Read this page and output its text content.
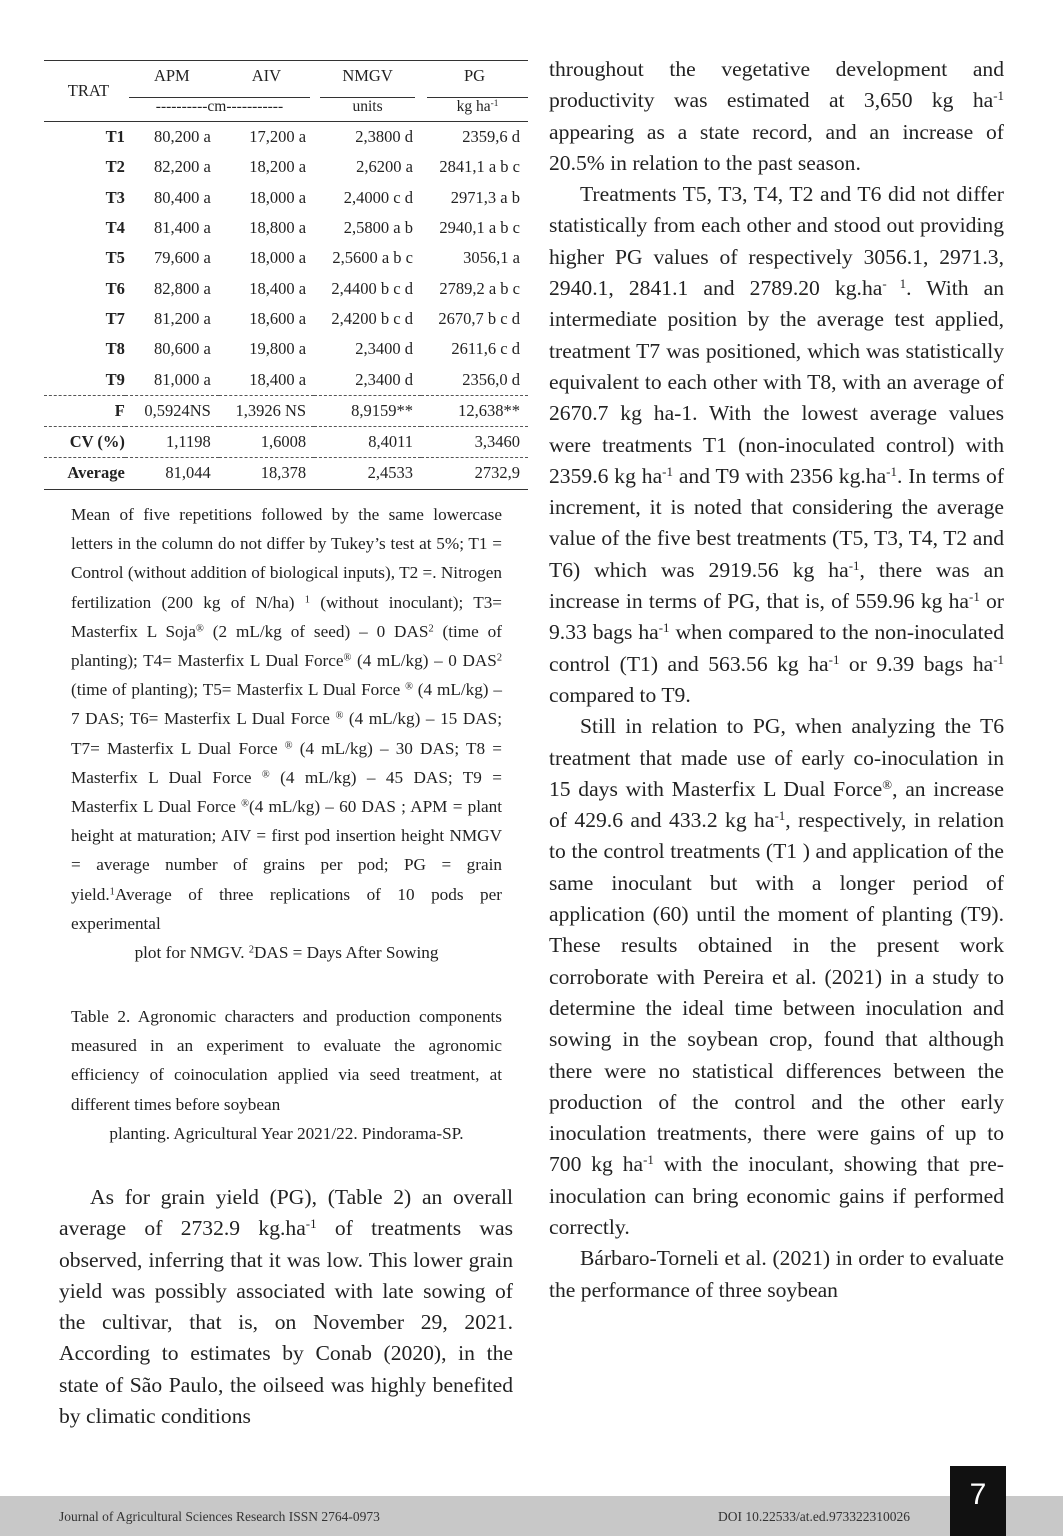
TRAT	APM	AIV	NMGV	PG

	----------cm-----------		units	kg $ha^{-1}$

T1	80,200 a	17,200 a	2,3800 d	2359,6 d
T2	82,200 a	18,200 a	2,6200 a	2841,1 a b c
T3	80,400 a	18,000 a	2,4000 c d	2971,3 a b
T4	81,400 a	18,800 a	2,5800 a b	2940,1 a b c
T5	79,600 a	18,000 a	2,5600 a b c	3056,1 a
T6	82,800 a	18,400 a	2,4400 b c d	2789,2 a b c
T7	81,200 a	18,600 a	2,4200 b c d	2670,7 b c d
T8	80,600 a	19,800 a	2,3400 d	2611,6 c d
T9	81,000 a	18,400 a	2,3400 d	2356,0 d
F	0,5924NS	1,3926 NS	8,9159**	12,638**
CV (%)	1,1198	1,6008	8,4011	3,3460
Average	81,044	18,378	2,4533	2732,9
Mean of five repetitions followed by the same lowercase letters in the column do not differ by Tukey’s test at 5%; T1 = Control (without addition of biological inputs), T2 =. Nitrogen fertilization (200 kg of N/ha) $^1$ (without inoculant); T3= Masterfix L Soja® (2 mL/kg of seed) – 0 DAS$^2$ (time of planting); T4= Masterfix L Dual Force® (4 mL/kg) – 0 DAS$^2$ (time of planting); T5= Masterfix L Dual Force ® (4 mL/kg) – 7 DAS; T6= Masterfix L Dual Force ® (4 mL/kg) – 15 DAS; T7= Masterfix L Dual Force ® (4 mL/kg) – 30 DAS; T8 = Masterfix L Dual Force ® (4 mL/kg) – 45 DAS; T9 = Masterfix L Dual Force ®(4 mL/kg) – 60 DAS ; APM = plant height at maturation; AIV = first pod insertion height NMGV = average number of grains per pod; PG = grain yield.$^1$Average of three replications of 10 pods per experimental
plot for NMGV. $^2$DAS = Days After Sowing
Table 2. Agronomic characters and production components measured in an experiment to evaluate the agronomic efficiency of coinoculation applied via seed treatment, at different times before soybean
planting. Agricultural Year 2021/22. Pindorama-SP.

As for grain yield (PG), (Table 2) an overall average of 2732.9 $kg.ha^{-1}$ of treatments was observed, inferring that it was low. This lower grain yield was possibly associated with late sowing of the cultivar, that is, on November 29, 2021. According to estimates by Conab (2020), in the state of São Paulo, the oilseed was highly benefited by climatic conditions

throughout the vegetative development and productivity was estimated at 3,650 kg $ha^{-1}$ appearing as a state record, and an increase of 20.5% in relation to the past season.

Treatments T5, T3, T4, T2 and T6 did not differ statistically from each other and stood out providing higher PG values of respectively 3056.1, 2971.3, 2940.1, 2841.1 and 2789.20 $kg.ha^{- 1}$. With an intermediate position by the average test applied, treatment T7 was positioned, which was statistically equivalent to each other with T8, with an average of 2670.7 kg ha-1. With the lowest average values were treatments T1 (non-inoculated control) with 2359.6 kg $ha^{-1}$ and T9 with 2356 $kg.ha^{-1}$. In terms of increment, it is noted that considering the average value of the five best treatments (T5, T3, T4, T2 and T6) which was 2919.56 kg $ha^{-1}$, there was an increase in terms of PG, that is, of 559.96 kg $ha^{-1}$ or 9.33 bags $ha^{-1}$ when compared to the non-inoculated control (T1) and 563.56 kg $ha^{-1}$ or 9.39 bags $ha^{-1}$ compared to T9.

Still in relation to PG, when analyzing the T6 treatment that made use of early co-inoculation in 15 days with Masterfix L Dual Force®, an increase of 429.6 and 433.2 kg $ha^{-1}$, respectively, in relation to the control treatments (T1 ) and application of the same inoculant but with a longer period of application (60) until the moment of planting (T9). These results obtained in the present work corroborate with Pereira et al. (2021) in a study to determine the ideal time between inoculation and sowing in the soybean crop, found that although there were no statistical differences between the production of the control and the other early inoculation treatments, there were gains of up to 700 kg $ha^{-1}$ with the inoculant, showing that pre-inoculation can bring economic gains if performed correctly.

Bárbaro-Torneli et al. (2021) in order to evaluate the performance of three soybean

Journal of Agricultural Sciences Research ISSN 2764-0973	DOI 10.22533/at.ed.973322310026
7
